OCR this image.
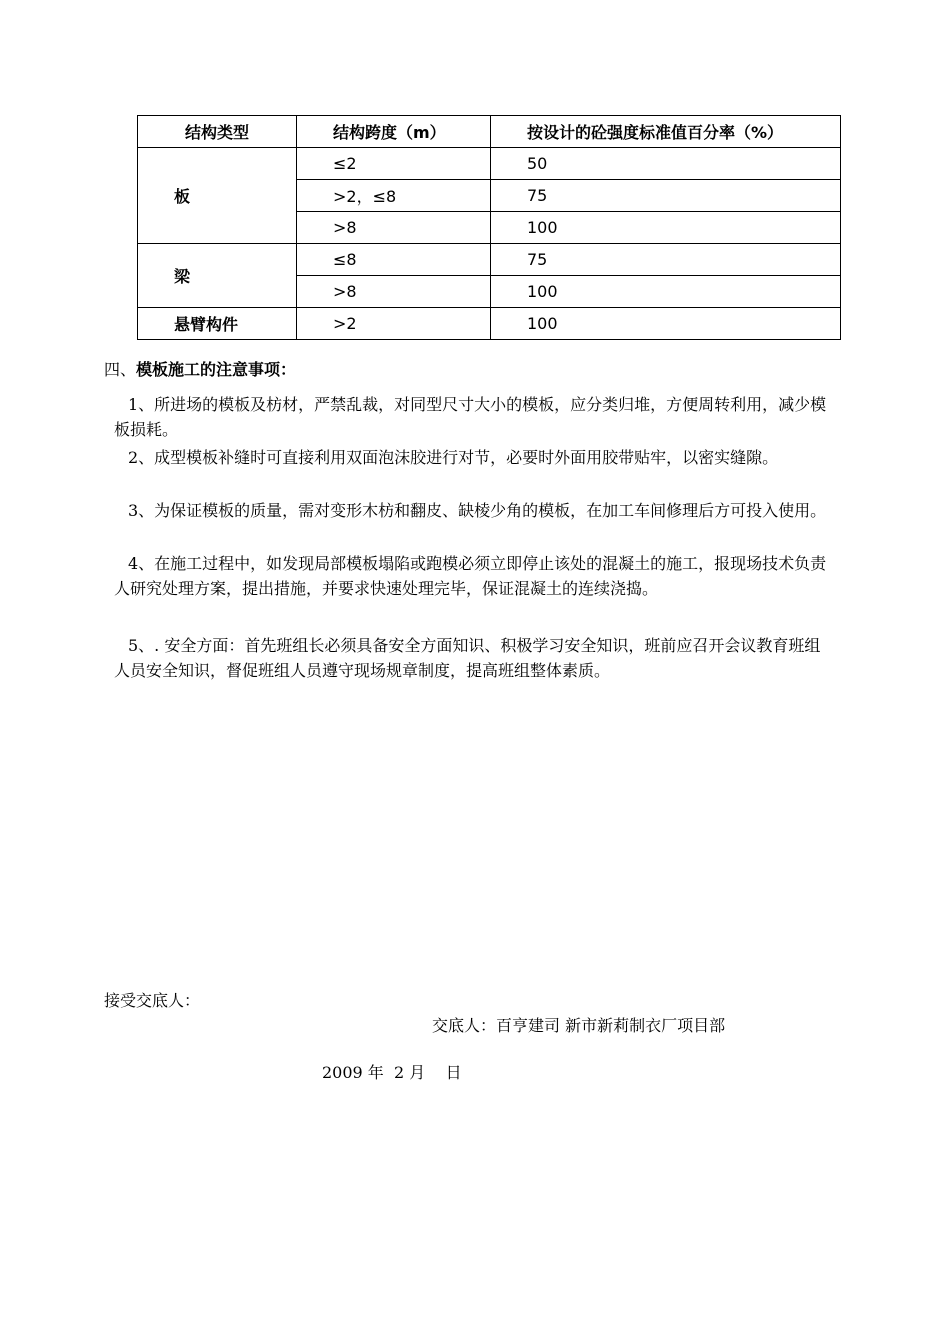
结构类型	结构跨度（m）	按设计的砼强度标准值百分率（%）
板	≤2	50
	>2，≤8	75
	>8	100
梁	≤8	75
	>8	100
悬臂构件	>2	100
四、模板施工的注意事项：
1、所进场的模板及枋材，严禁乱裁，对同型尺寸大小的模板，应分类归堆，方便周转利用，减少模板损耗。
2、成型模板补缝时可直接利用双面泡沫胶进行对节，必要时外面用胶带贴牢，以密实缝隙。
3、为保证模板的质量，需对变形木枋和翻皮、缺棱少角的模板，在加工车间修理后方可投入使用。
4、在施工过程中，如发现局部模板塌陷或跑模必须立即停止该处的混凝土的施工，报现场技术负责人研究处理方案，提出措施，并要求快速处理完毕，保证混凝土的连续浇捣。
5、. 安全方面：首先班组长必须具备安全方面知识、积极学习安全知识，班前应召开会议教育班组人员安全知识，督促班组人员遵守现场规章制度，提高班组整体素质。
接受交底人：
交底人：百亨建司 新市新莉制衣厂项目部
2009 年  2 月    日
